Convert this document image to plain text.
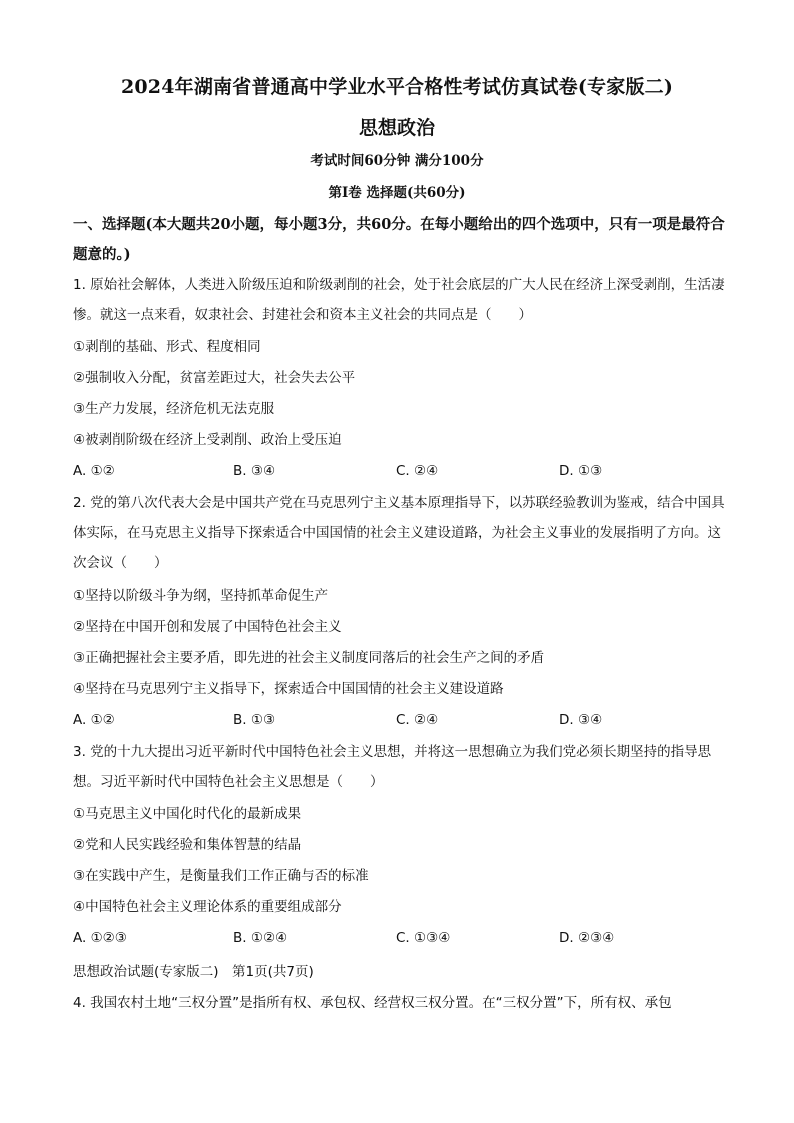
2024年湖南省普通高中学业水平合格性考试仿真试卷(专家版二)
思想政治
考试时间60分钟 满分100分
第Ⅰ卷 选择题(共60分)
一、选择题(本大题共20小题，每小题3分，共60分。在每小题给出的四个选项中，只有一项是最符合题意的。)
1. 原始社会解体，人类进入阶级压迫和阶级剥削的社会，处于社会底层的广大人民在经济上深受剥削，生活凄惨。就这一点来看，奴隶社会、封建社会和资本主义社会的共同点是（　　）
①剥削的基础、形式、程度相同
②强制收入分配，贫富差距过大，社会失去公平
③生产力发展，经济危机无法克服
④被剥削阶级在经济上受剥削、政治上受压迫
A. ①②	B. ③④	C. ②④	D. ①③
2. 党的第八次代表大会是中国共产党在马克思列宁主义基本原理指导下，以苏联经验教训为鉴戒，结合中国具体实际，在马克思主义指导下探索适合中国国情的社会主义建设道路，为社会主义事业的发展指明了方向。这次会议（　　）
①坚持以阶级斗争为纲，坚持抓革命促生产
②坚持在中国开创和发展了中国特色社会主义
③正确把握社会主要矛盾，即先进的社会主义制度同落后的社会生产之间的矛盾
④坚持在马克思列宁主义指导下，探索适合中国国情的社会主义建设道路
A. ①②	B. ①③	C. ②④	D. ③④
3. 党的十九大提出习近平新时代中国特色社会主义思想，并将这一思想确立为我们党必须长期坚持的指导思想。习近平新时代中国特色社会主义思想是（　　）
①马克思主义中国化时代化的最新成果
②党和人民实践经验和集体智慧的结晶
③在实践中产生，是衡量我们工作正确与否的标准
④中国特色社会主义理论体系的重要组成部分
A. ①②③	B. ①②④	C. ①③④	D. ②③④
思想政治试题(专家版二)　第1页(共7页)
4. 我国农村土地“三权分置”是指所有权、承包权、经营权三权分置。在“三权分置”下，所有权、承包
